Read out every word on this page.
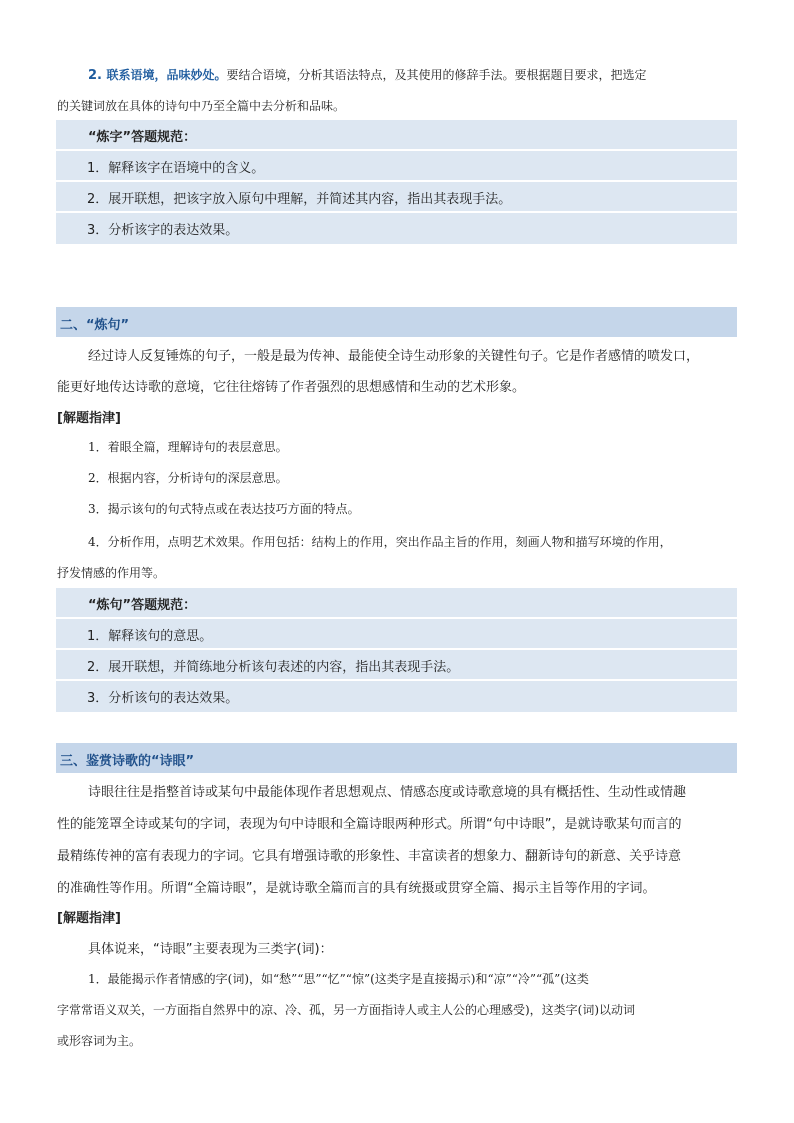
2. 联系语境，品味妙处。要结合语境，分析其语法特点，及其使用的修辞手法。要根据题目要求，把选定
的关键词放在具体的诗句中乃至全篇中去分析和品味。
“炼字”答题规范：
1．解释该字在语境中的含义。
2．展开联想，把该字放入原句中理解，并简述其内容，指出其表现手法。
3．分析该字的表达效果。
二、“炼句”
经过诗人反复锤炼的句子，一般是最为传神、最能使全诗生动形象的关键性句子。它是作者感情的喷发口，
能更好地传达诗歌的意境，它往往熔铸了作者强烈的思想感情和生动的艺术形象。
[解题指津]
1．着眼全篇，理解诗句的表层意思。
2．根据内容，分析诗句的深层意思。
3．揭示该句的句式特点或在表达技巧方面的特点。
4．分析作用，点明艺术效果。作用包括：结构上的作用，突出作品主旨的作用，刻画人物和描写环境的作用，
抒发情感的作用等。
“炼句”答题规范：
1．解释该句的意思。
2．展开联想，并简练地分析该句表述的内容，指出其表现手法。
3．分析该句的表达效果。
三、鉴赏诗歌的“诗眼”
诗眼往往是指整首诗或某句中最能体现作者思想观点、情感态度或诗歌意境的具有概括性、生动性或情趣
性的能笼罩全诗或某句的字词，表现为句中诗眼和全篇诗眼两种形式。所谓“句中诗眼”，是就诗歌某句而言的
最精练传神的富有表现力的字词。它具有增强诗歌的形象性、丰富读者的想象力、翻新诗句的新意、关乎诗意
的准确性等作用。所谓“全篇诗眼”，是就诗歌全篇而言的具有统摄或贯穿全篇、揭示主旨等作用的字词。
[解题指津]
具体说来，“诗眼”主要表现为三类字(词)：
1．最能揭示作者情感的字(词)，如“愁”“思”“忆”“惊”(这类字是直接揭示)和“凉”“冷”“孤”(这类
字常常语义双关，一方面指自然界中的凉、冷、孤，另一方面指诗人或主人公的心理感受)，这类字(词)以动词
或形容词为主。
